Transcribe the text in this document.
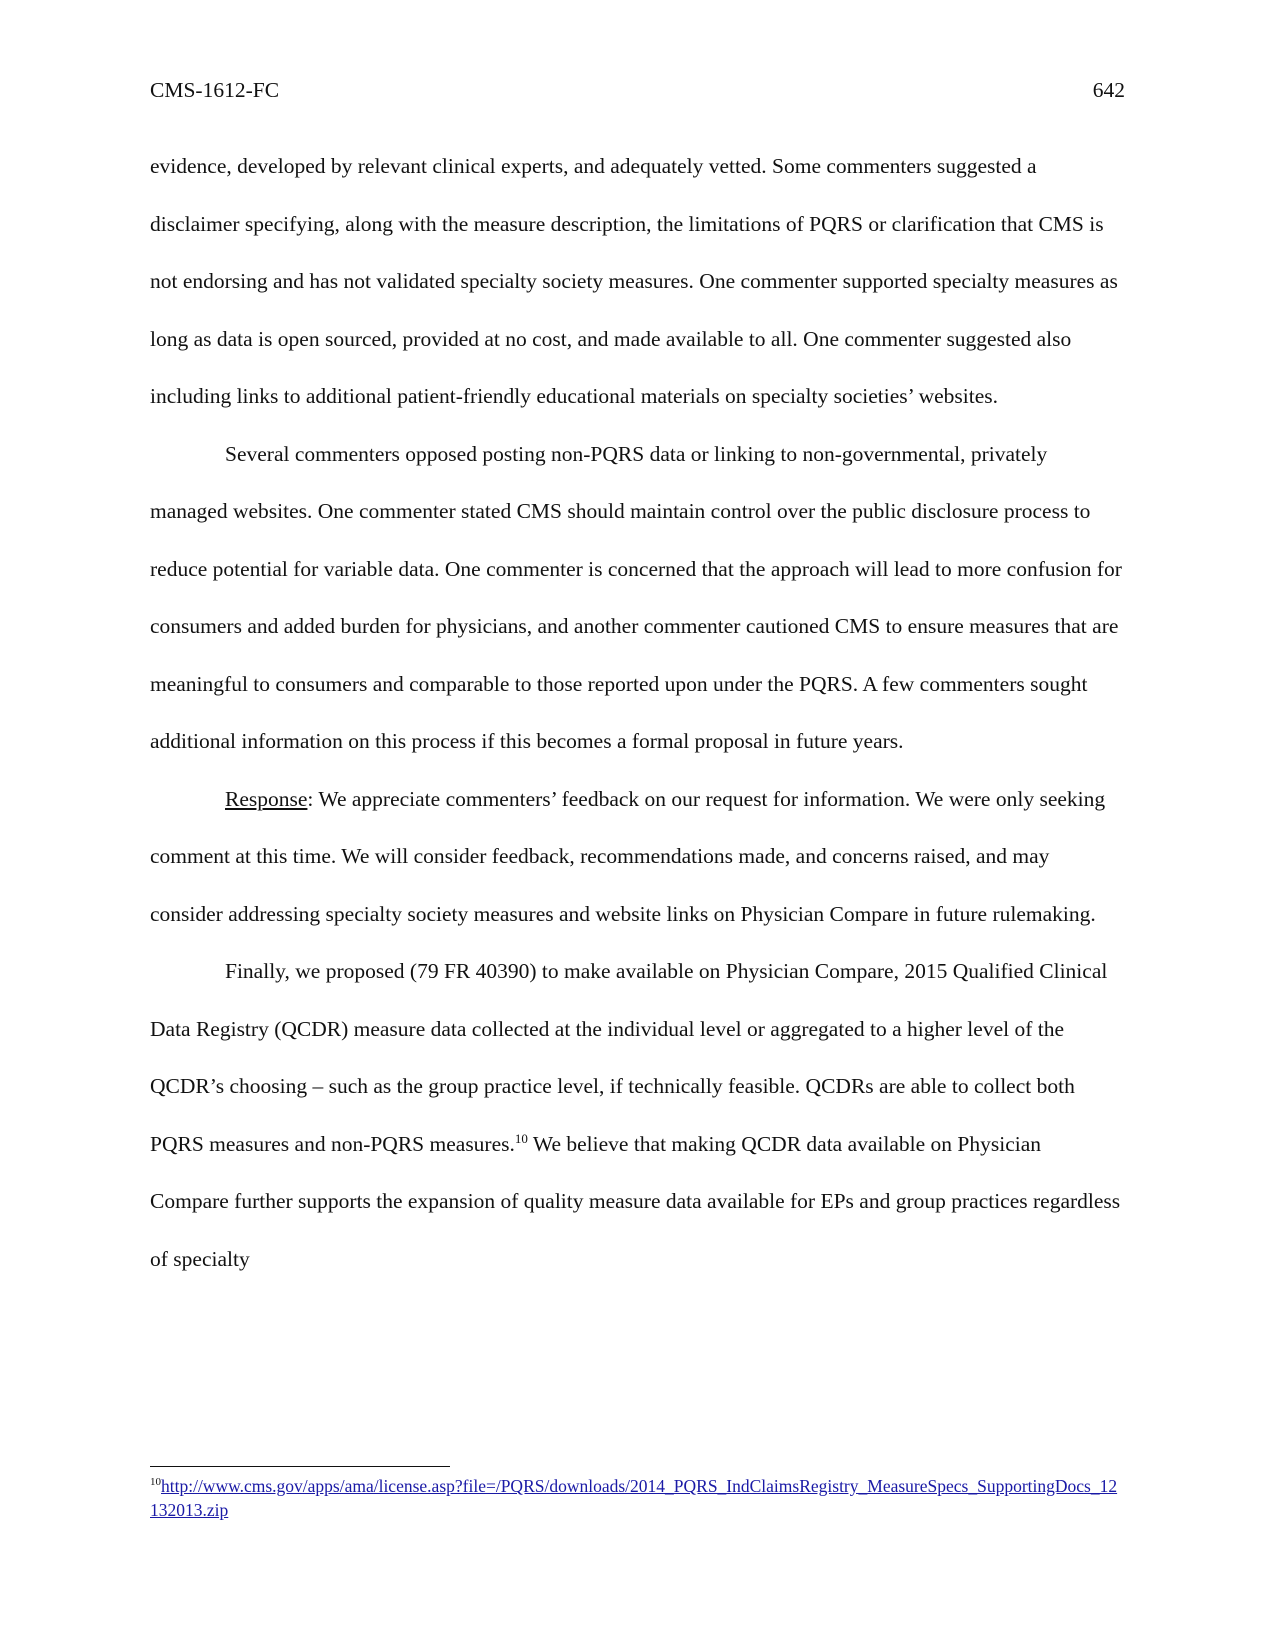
CMS-1612-FC	642

evidence, developed by relevant clinical experts, and adequately vetted. Some commenters suggested a disclaimer specifying, along with the measure description, the limitations of PQRS or clarification that CMS is not endorsing and has not validated specialty society measures. One commenter supported specialty measures as long as data is open sourced, provided at no cost, and made available to all. One commenter suggested also including links to additional patient-friendly educational materials on specialty societies’ websites.

Several commenters opposed posting non-PQRS data or linking to non-governmental, privately managed websites. One commenter stated CMS should maintain control over the public disclosure process to reduce potential for variable data. One commenter is concerned that the approach will lead to more confusion for consumers and added burden for physicians, and another commenter cautioned CMS to ensure measures that are meaningful to consumers and comparable to those reported upon under the PQRS. A few commenters sought additional information on this process if this becomes a formal proposal in future years.

Response: We appreciate commenters’ feedback on our request for information. We were only seeking comment at this time. We will consider feedback, recommendations made, and concerns raised, and may consider addressing specialty society measures and website links on Physician Compare in future rulemaking.

Finally, we proposed (79 FR 40390) to make available on Physician Compare, 2015 Qualified Clinical Data Registry (QCDR) measure data collected at the individual level or aggregated to a higher level of the QCDR’s choosing – such as the group practice level, if technically feasible. QCDRs are able to collect both PQRS measures and non-PQRS measures.$^{10}$ We believe that making QCDR data available on Physician Compare further supports the expansion of quality measure data available for EPs and group practices regardless of specialty

$^{10}$http://www.cms.gov/apps/ama/license.asp?file=/PQRS/downloads/2014_PQRS_IndClaimsRegistry_MeasureSpecs_SupportingDocs_12132013.zip
